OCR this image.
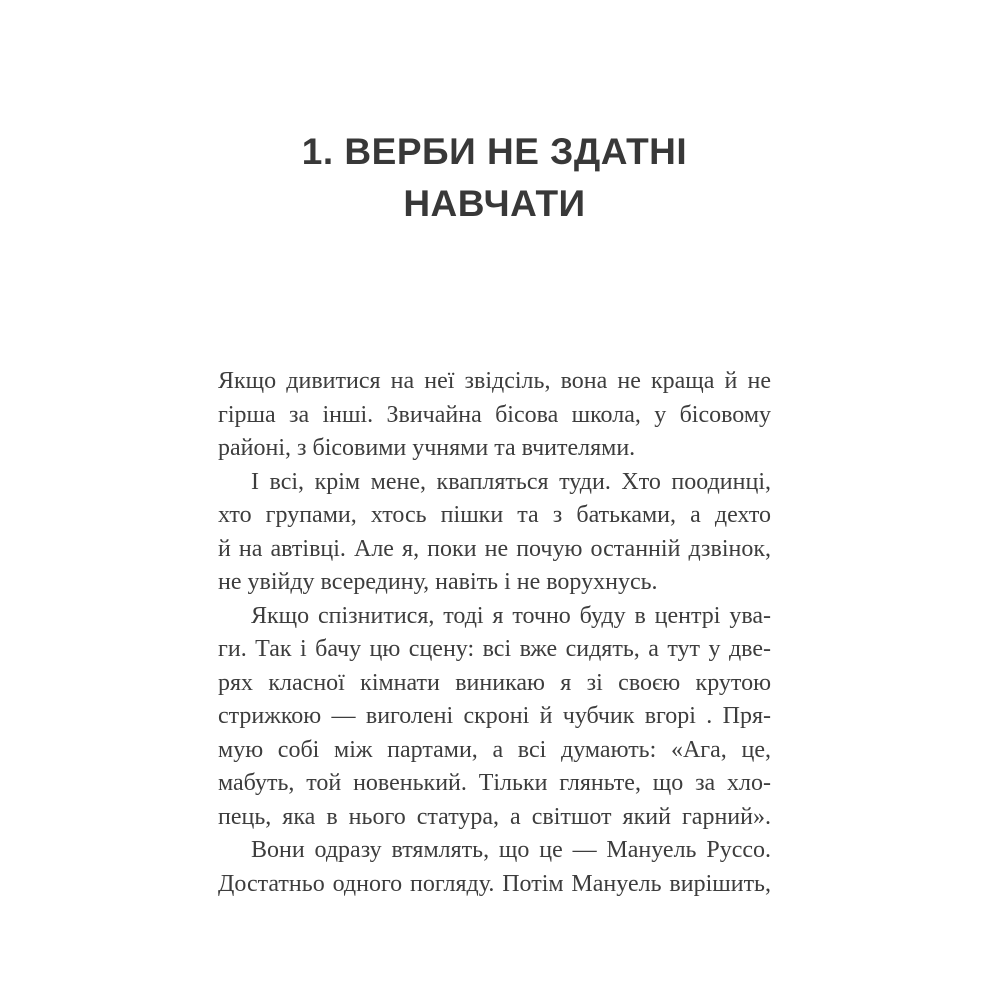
1. ВЕРБИ НЕ ЗДАТНІ
НАВЧАТИ
Якщо дивитися на неї звідсіль, вона не краща й не
гірша за інші. Звичайна бісова школа, у бісовому
районі, з бісовими учнями та вчителями.
І всі, крім мене, квапляться туди. Хто поодинці,
хто групами, хтось пішки та з батьками, а дехто
й на автівці. Але я, поки не почую останній дзвінок,
не увійду всередину, навіть і не ворухнусь.
Якщо спізнитися, тоді я точно буду в центрі ува-
ги. Так і бачу цю сцену: всі вже сидять, а тут у две-
рях класної кімнати виникаю я зі своєю крутою
стрижкою — виголені скроні й чубчик вгорі . Пря-
мую собі між партами, а всі думають: «Ага, це,
мабуть, той новенький. Тільки гляньте, що за хло-
пець, яка в нього статура, а світшот який гарний».
Вони одразу втямлять, що це — Мануель Руссо.
Достатньо одного погляду. Потім Мануель вирішить,
